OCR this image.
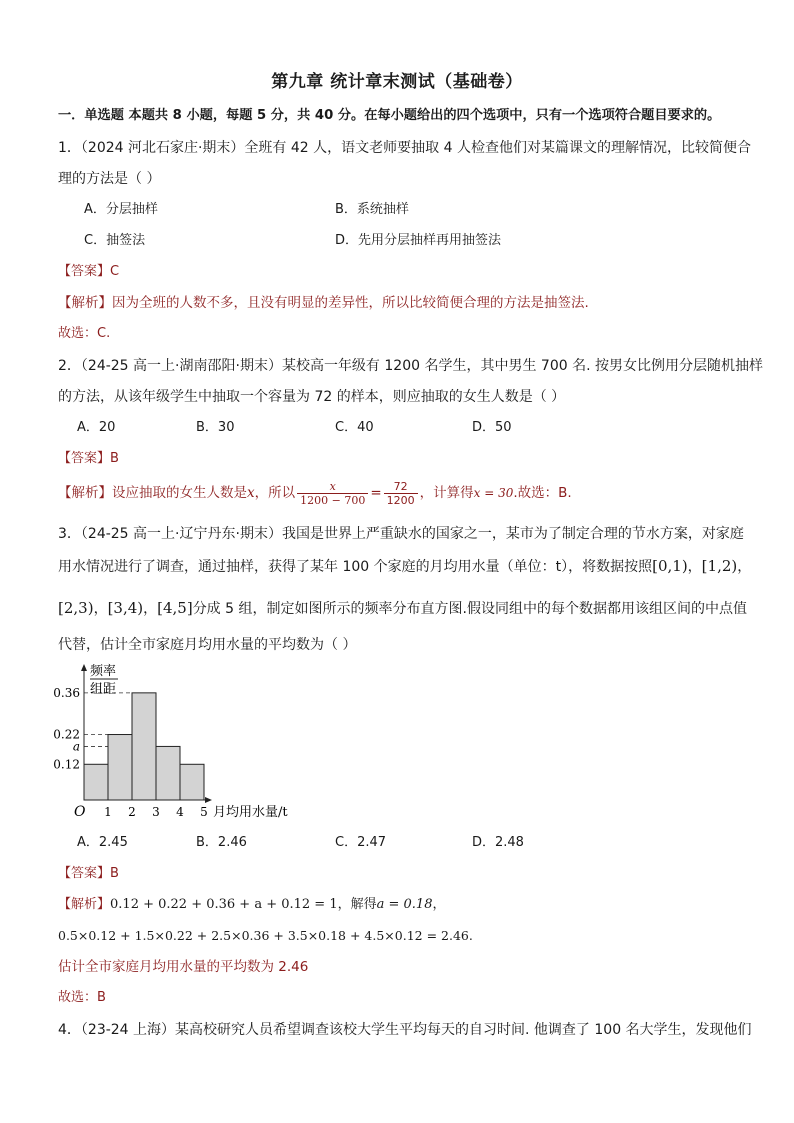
第九章 统计章末测试（基础卷）
一．单选题 本题共 8 小题，每题 5 分，共 40 分。在每小题给出的四个选项中，只有一个选项符合题目要求的。
1．（2024 河北石家庄·期末）全班有 42 人，语文老师要抽取 4 人检查他们对某篇课文的理解情况，比较简便合
理的方法是（ ）
A．分层抽样	B．系统抽样
C．抽签法	D．先用分层抽样再用抽签法
【答案】C
【解析】因为全班的人数不多，且没有明显的差异性，所以比较简便合理的方法是抽签法.
故选：C.
2．（24-25 高一上·湖南邵阳·期末）某校高一年级有 1200 名学生，其中男生 700 名. 按男女比例用分层随机抽样
的方法，从该年级学生中抽取一个容量为 72 的样本，则应抽取的女生人数是（ ）
A．20	B．30	C．40	D．50
【答案】B
【解析】设应抽取的女生人数是x，所以 $\frac{x}{1200 - 700} = \frac{72}{1200}$ ，计算得x = 30.故选：B.
3．（24-25 高一上·辽宁丹东·期末）我国是世界上严重缺水的国家之一，某市为了制定合理的节水方案，对家庭
用水情况进行了调查，通过抽样，获得了某年 100 个家庭的月均用水量（单位：t），将数据按照[0,1)，[1,2)，
[2,3)，[3,4)，[4,5]分成 5 组，制定如图所示的频率分布直方图.假设同组中的每个数据都用该组区间的中点值
代替，估计全市家庭月均用水量的平均数为（ ）
0.36
0.22
a
0.12
1 2 3 4 5
频率
组距
O	月均用水量/t
A．2.45	B．2.46	C．2.47	D．2.48
【答案】B
【解析】0.12 + 0.22 + 0.36 + a + 0.12 = 1，解得a = 0.18，
0.5×0.12 + 1.5×0.22 + 2.5×0.36 + 3.5×0.18 + 4.5×0.12 = 2.46.
估计全市家庭月均用水量的平均数为 2.46
故选：B
4．（23-24 上海）某高校研究人员希望调查该校大学生平均每天的自习时间. 他调查了 100 名大学生，发现他们
